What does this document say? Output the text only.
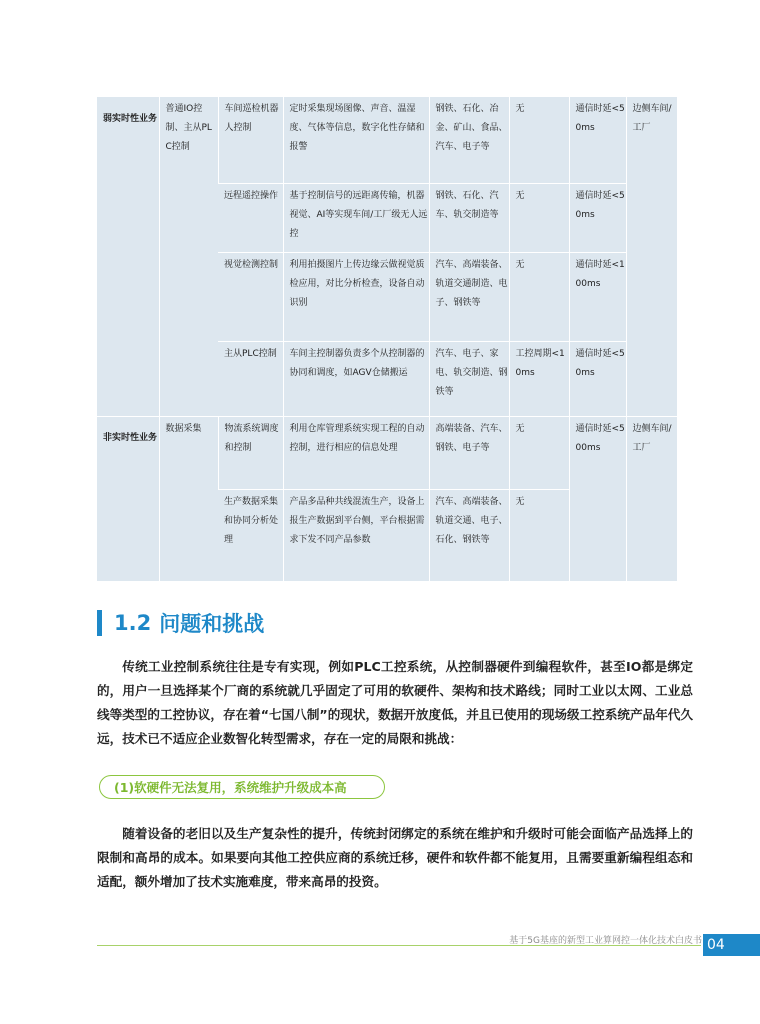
弱实时性业务	普通IO控制、主从PLC控制	车间巡检机器人控制	定时采集现场图像、声音、温湿度、气体等信息，数字化性存储和报警	钢铁、石化、冶金、矿山、食品、汽车、电子等	无	通信时延<50ms	边侧车间/工厂
		远程遥控操作	基于控制信号的远距离传输，机器视觉、AI等实现车间/工厂级无人远控	钢铁、石化、汽车、轨交制造等	无	通信时延<50ms	
		视觉检测控制	利用拍摄图片上传边缘云做视觉质检应用，对比分析检查，设备自动识别	汽车、高端装备、轨道交通制造、电子、钢铁等	无	通信时延<100ms	
		主从PLC控制	车间主控制器负责多个从控制器的协同和调度，如AGV仓储搬运	汽车、电子、家电、轨交制造、钢铁等	工控周期<10ms	通信时延<50ms	
非实时性业务	数据采集	物流系统调度和控制	利用仓库管理系统实现工程的自动控制，进行相应的信息处理	高端装备、汽车、钢铁、电子等	无	通信时延<500ms	边侧车间/工厂
		生产数据采集和协同分析处理	产品多品种共线混流生产，设备上报生产数据到平台侧，平台根据需求下发不同产品参数	汽车、高端装备、轨道交通、电子、石化、钢铁等	无		
1.2 问题和挑战

传统工业控制系统往往是专有实现，例如PLC工控系统，从控制器硬件到编程软件，甚至IO都是绑定的，用户一旦选择某个厂商的系统就几乎固定了可用的软硬件、架构和技术路线；同时工业以太网、工业总线等类型的工控协议，存在着“七国八制”的现状，数据开放度低，并且已使用的现场级工控系统产品年代久远，技术已不适应企业数智化转型需求，存在一定的局限和挑战：

(1)软硬件无法复用，系统维护升级成本高

随着设备的老旧以及生产复杂性的提升，传统封闭绑定的系统在维护和升级时可能会面临产品选择上的限制和高昂的成本。如果要向其他工控供应商的系统迁移，硬件和软件都不能复用，且需要重新编程组态和适配，额外增加了技术实施难度，带来高昂的投资。

基于5G基座的新型工业算网控一体化技术白皮书 04
